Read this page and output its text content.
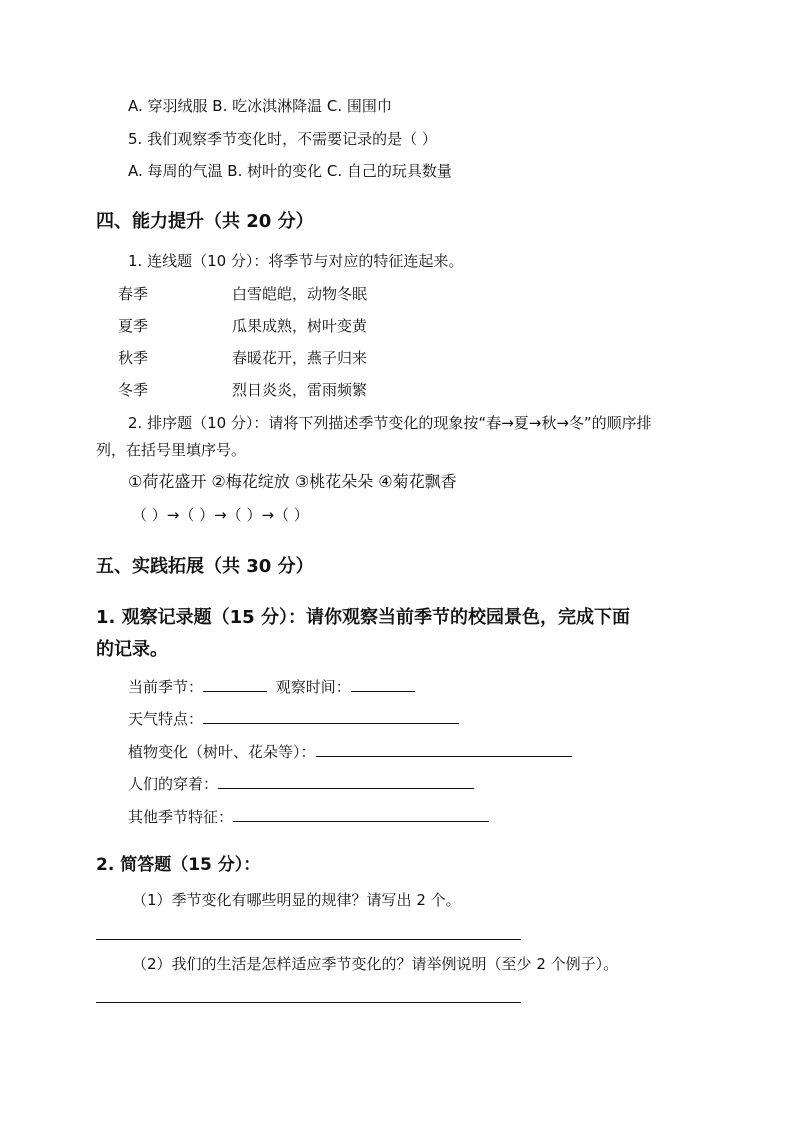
A. 穿羽绒服 B. 吃冰淇淋降温 C. 围围巾
5. 我们观察季节变化时，不需要记录的是（ ）
A. 每周的气温 B. 树叶的变化 C. 自己的玩具数量
四、能力提升（共 20 分）
1. 连线题（10 分）：将季节与对应的特征连起来。
春季	白雪皑皑，动物冬眠
夏季	瓜果成熟，树叶变黄
秋季	春暖花开，燕子归来
冬季	烈日炎炎，雷雨频繁
2. 排序题（10 分）：请将下列描述季节变化的现象按“春→夏→秋→冬”的顺序排
列，在括号里填序号。
①荷花盛开 ②梅花绽放 ③桃花朵朵 ④菊花飘香
（ ）→（ ）→（ ）→（ ）
五、实践拓展（共 30 分）
1. 观察记录题（15 分）：请你观察当前季节的校园景色，完成下面
的记录。
当前季节：	观察时间：
天气特点：
植物变化（树叶、花朵等）：
人们的穿着：
其他季节特征：
2. 简答题（15 分）：
（1）季节变化有哪些明显的规律？请写出 2 个。
（2）我们的生活是怎样适应季节变化的？请举例说明（至少 2 个例子）。
